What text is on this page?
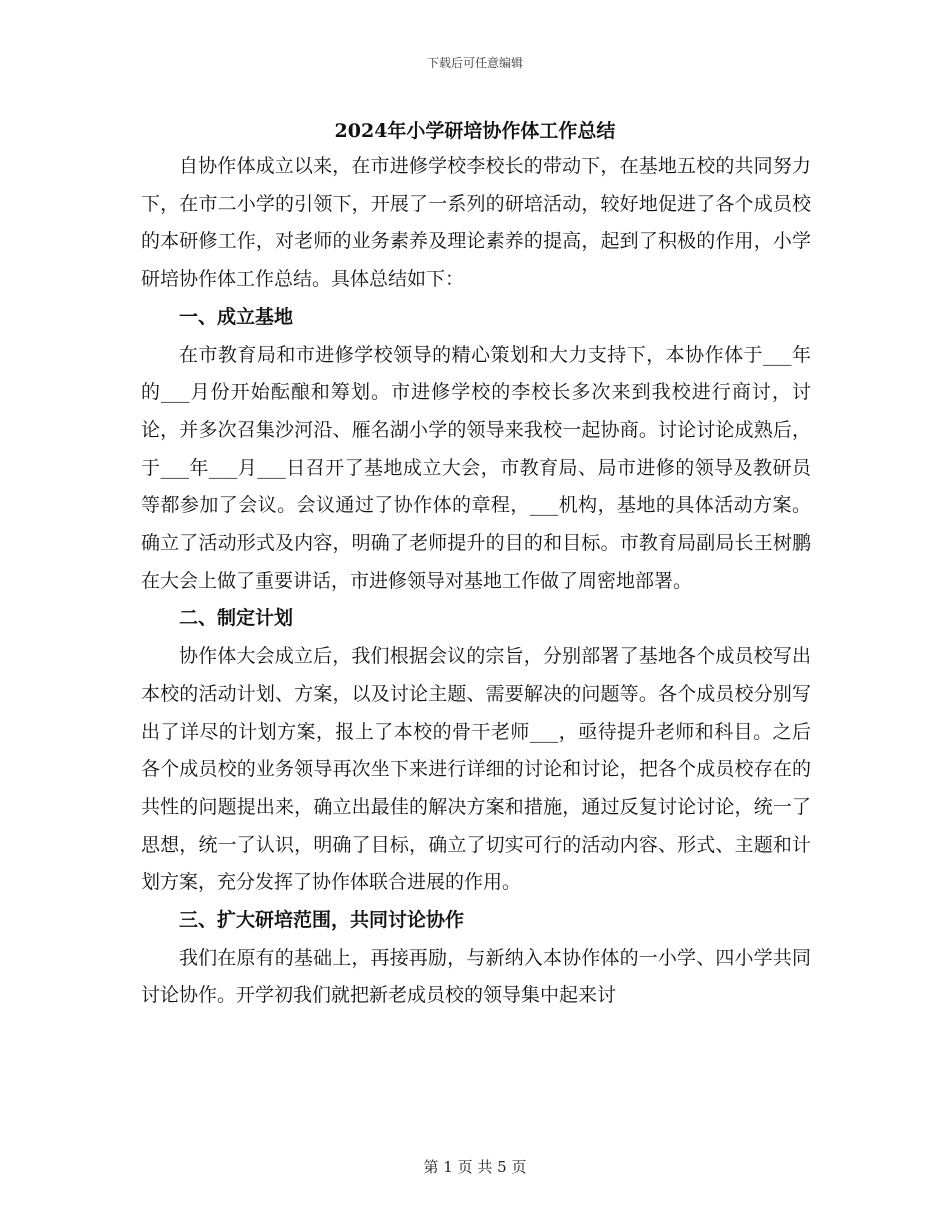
下载后可任意编辑
2024年小学研培协作体工作总结

自协作体成立以来，在市进修学校李校长的带动下，在基地五校的共同努力下，在市二小学的引领下，开展了一系列的研培活动，较好地促进了各个成员校的本研修工作，对老师的业务素养及理论素养的提高，起到了积极的作用，小学研培协作体工作总结。具体总结如下：

一、成立基地

在市教育局和市进修学校领导的精心策划和大力支持下，本协作体于___年的___月份开始酝酿和筹划。市进修学校的李校长多次来到我校进行商讨，讨论，并多次召集沙河沿、雁名湖小学的领导来我校一起协商。讨论讨论成熟后，于___年___月___日召开了基地成立大会，市教育局、局市进修的领导及教研员等都参加了会议。会议通过了协作体的章程，___机构，基地的具体活动方案。确立了活动形式及内容，明确了老师提升的目的和目标。市教育局副局长王树鹏在大会上做了重要讲话，市进修领导对基地工作做了周密地部署。

二、制定计划

协作体大会成立后，我们根据会议的宗旨，分别部署了基地各个成员校写出本校的活动计划、方案，以及讨论主题、需要解决的问题等。各个成员校分别写出了详尽的计划方案，报上了本校的骨干老师___，亟待提升老师和科目。之后各个成员校的业务领导再次坐下来进行详细的讨论和讨论，把各个成员校存在的共性的问题提出来，确立出最佳的解决方案和措施，通过反复讨论讨论，统一了思想，统一了认识，明确了目标，确立了切实可行的活动内容、形式、主题和计划方案，充分发挥了协作体联合进展的作用。

三、扩大研培范围，共同讨论协作

我们在原有的基础上，再接再励，与新纳入本协作体的一小学、四小学共同讨论协作。开学初我们就把新老成员校的领导集中起来讨

第 1 页 共 5 页
